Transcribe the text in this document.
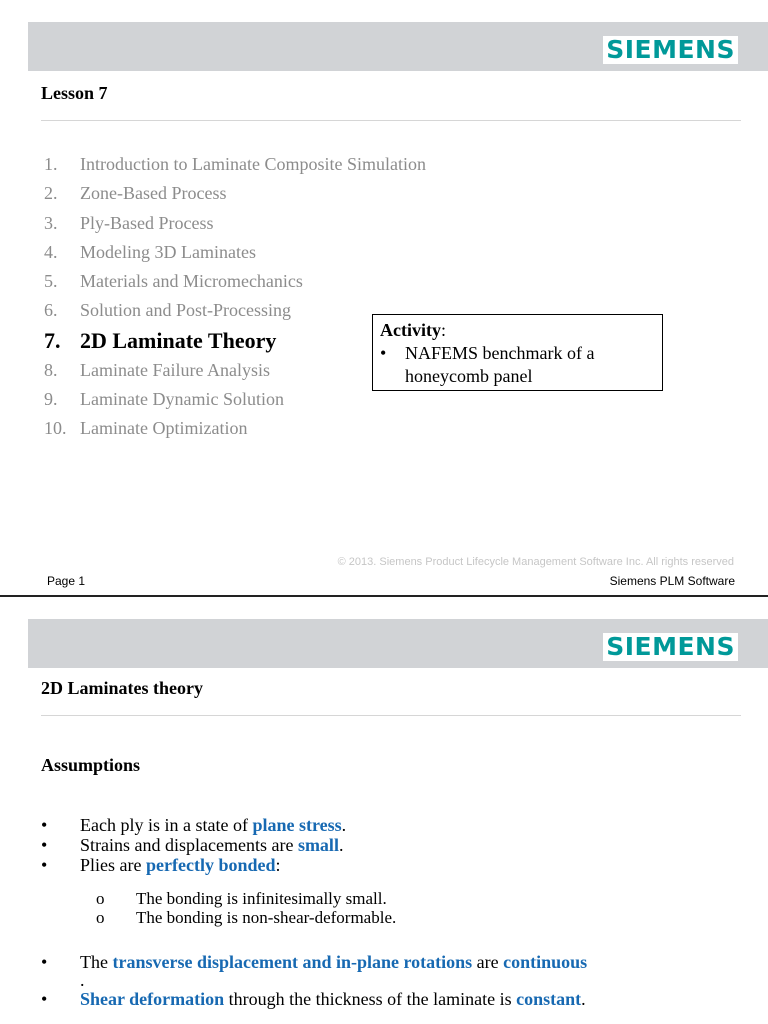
SIEMENS
Lesson 7
1. Introduction to Laminate Composite Simulation
2. Zone-Based Process
3. Ply-Based Process
4. Modeling 3D Laminates
5. Materials and Micromechanics
6. Solution and Post-Processing
7. 2D Laminate Theory
8. Laminate Failure Analysis
9. Laminate Dynamic Solution
10. Laminate Optimization
Activity:
•	NAFEMS benchmark of a honeycomb panel
© 2013. Siemens Product Lifecycle Management Software Inc. All rights reserved
Page 1	Siemens PLM Software
SIEMENS
2D Laminates theory
Assumptions
• Each ply is in a state of plane stress.
• Strains and displacements are small.
• Plies are perfectly bonded:
o The bonding is infinitesimally small.
o The bonding is non-shear-deformable.
• The transverse displacement and in-plane rotations are continuous
.
• Shear deformation through the thickness of the laminate is constant.
